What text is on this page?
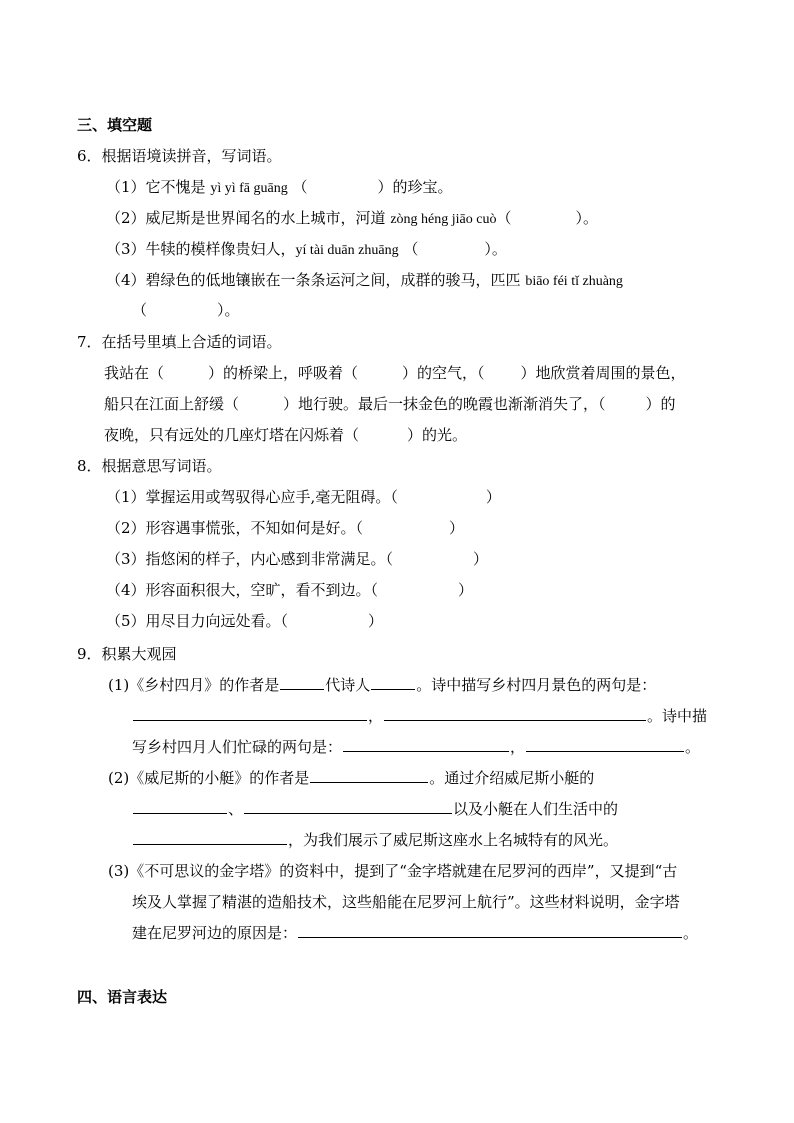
三、填空题
6．根据语境读拼音，写词语。
（1）它不愧是 yì yì fā guāng （	）的珍宝。
（2）威尼斯是世界闻名的水上城市，河道 zòng héng jiāo cuò（	）。
（3）牛犊的模样像贵妇人，yí tài duān zhuāng （	）。
（4）碧绿色的低地镶嵌在一条条运河之间，成群的骏马，匹匹 biāo féi tǐ zhuàng
（	）。
7．在括号里填上合适的词语。
我站在（	）的桥梁上，呼吸着（	）的空气，（ ）地欣赏着周围的景色，
船只在江面上舒缓（	）地行驶。最后一抹金色的晚霞也渐渐消失了，（	）的
夜晚，只有远处的几座灯塔在闪烁着（	）的光。
8．根据意思写词语。
（1）掌握运用或驾驭得心应手,毫无阻碍。（	）
（2）形容遇事慌张，不知如何是好。（	）
（3）指悠闲的样子，内心感到非常满足。（	）
（4）形容面积很大，空旷，看不到边。（	）
（5）用尽目力向远处看。（	）
9．积累大观园
(1)《乡村四月》的作者是	代诗人	。诗中描写乡村四月景色的两句是：
，	。诗中描
写乡村四月人们忙碌的两句是：	，	。
(2)《威尼斯的小艇》的作者是	。通过介绍威尼斯小艇的
、	以及小艇在人们生活中的
，为我们展示了威尼斯这座水上名城特有的风光。
(3)《不可思议的金字塔》的资料中，提到了“金字塔就建在尼罗河的西岸”，又提到“古
埃及人掌握了精湛的造船技术，这些船能在尼罗河上航行”。这些材料说明，金字塔
建在尼罗河边的原因是：	。
四、语言表达
